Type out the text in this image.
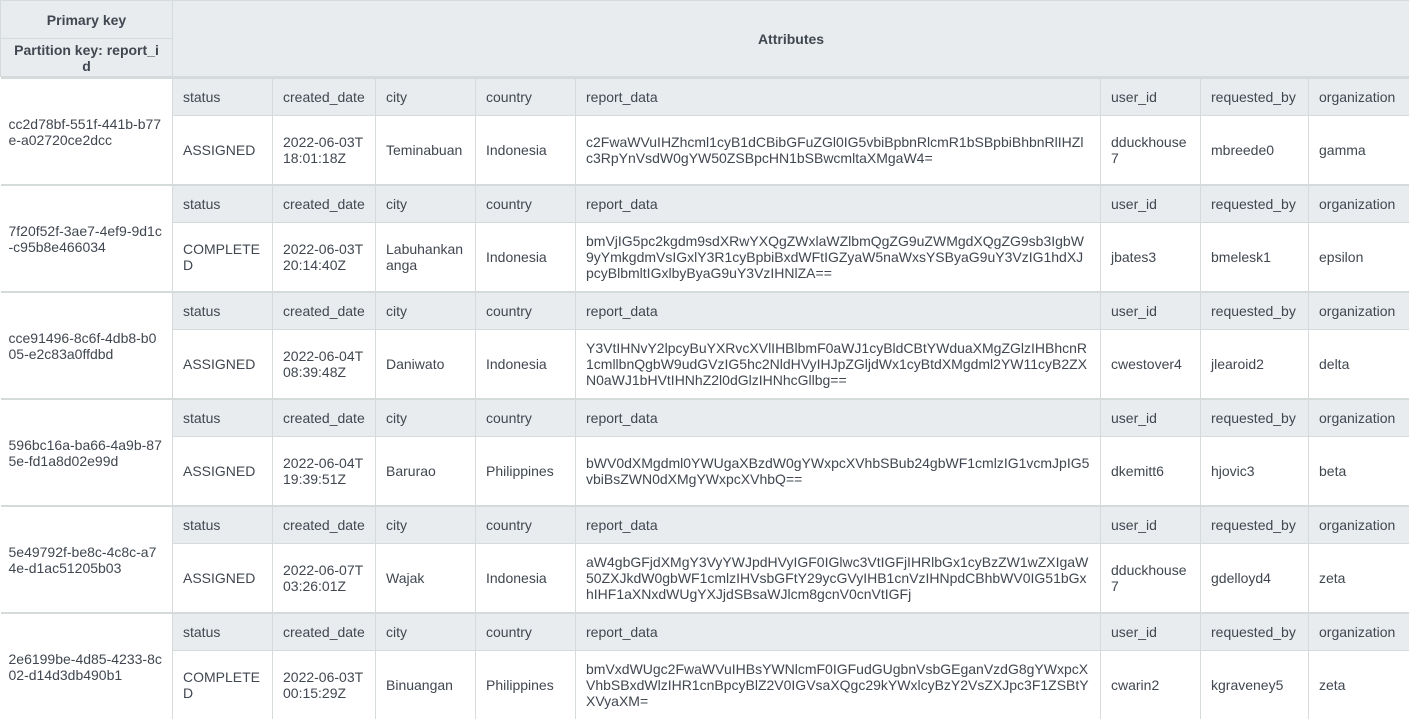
Primary key	Attributes							
Partition key: report_id								

cc2d78bf-551f-441b-b77e-a02720ce2dcc	status	created_date	city	country	report_data	user_id	requested_by	organization
	ASSIGNED	2022-06-03T18:01:18Z	Teminabuan	Indonesia	c2FwaWVuIHZhcml1cyB1dCBibGFuZGl0IG5vbiBpbnRlcmR1bSBpbiBhbnRlIHZlc3RpYnVsdW0gYW50ZSBpcHN1bSBwcmltaXMgaW4=	dduckhouse7	mbreede0	gamma

7f20f52f-3ae7-4ef9-9d1c-c95b8e466034	status	created_date	city	country	report_data	user_id	requested_by	organization
	COMPLETED	2022-06-03T20:14:40Z	Labuhankananga	Indonesia	bmVjIG5pc2kgdm9sdXRwYXQgZWxlaWZlbmQgZG9uZWMgdXQgZG9sb3IgbW9yYmkgdmVsIGxlY3R1cyBpbiBxdWFtIGZyaW5naWxsYSByaG9uY3VzIG1hdXJpcyBlbmltIGxlbyByaG9uY3VzIHNlZA==	jbates3	bmelesk1	epsilon

cce91496-8c6f-4db8-b005-e2c83a0ffdbd	status	created_date	city	country	report_data	user_id	requested_by	organization
	ASSIGNED	2022-06-04T08:39:48Z	Daniwato	Indonesia	Y3VtIHNvY2lpcyBuYXRvcXVlIHBlbmF0aWJ1cyBldCBtYWduaXMgZGlzIHBhcnR1cmllbnQgbW9udGVzIG5hc2NldHVyIHJpZGljdWx1cyBtdXMgdml2YW11cyB2ZXN0aWJ1bHVtIHNhZ2l0dGlzIHNhcGllbg==	cwestover4	jlearoid2	delta

596bc16a-ba66-4a9b-875e-fd1a8d02e99d	status	created_date	city	country	report_data	user_id	requested_by	organization
	ASSIGNED	2022-06-04T19:39:51Z	Barurao	Philippines	bWV0dXMgdml0YWUgaXBzdW0gYWxpcXVhbSBub24gbWF1cmlzIG1vcmJpIG5vbiBsZWN0dXMgYWxpcXVhbQ==	dkemitt6	hjovic3	beta

5e49792f-be8c-4c8c-a74e-d1ac51205b03	status	created_date	city	country	report_data	user_id	requested_by	organization
	ASSIGNED	2022-06-07T03:26:01Z	Wajak	Indonesia	aW4gbGFjdXMgY3VyYWJpdHVyIGF0IGlwc3VtIGFjIHRlbGx1cyBzZW1wZXIgaW50ZXJkdW0gbWF1cmlzIHVsbGFtY29ycGVyIHB1cnVzIHNpdCBhbWV0IG51bGxhIHF1aXNxdWUgYXJjdSBsaWJlcm8gcnV0cnVtIGFj	dduckhouse7	gdelloyd4	zeta

2e6199be-4d85-4233-8c02-d14d3db490b1	status	created_date	city	country	report_data	user_id	requested_by	organization
	COMPLETED	2022-06-03T00:15:29Z	Binuangan	Philippines	bmVxdWUgc2FwaWVuIHBsYWNlcmF0IGFudGUgbnVsbGEganVzdG8gYWxpcXVhbSBxdWlzIHR1cnBpcyBlZ2V0IGVsaXQgc29kYWxlcyBzY2VsZXJpc3F1ZSBtYXVyaXM=	cwarin2	kgraveney5	zeta
